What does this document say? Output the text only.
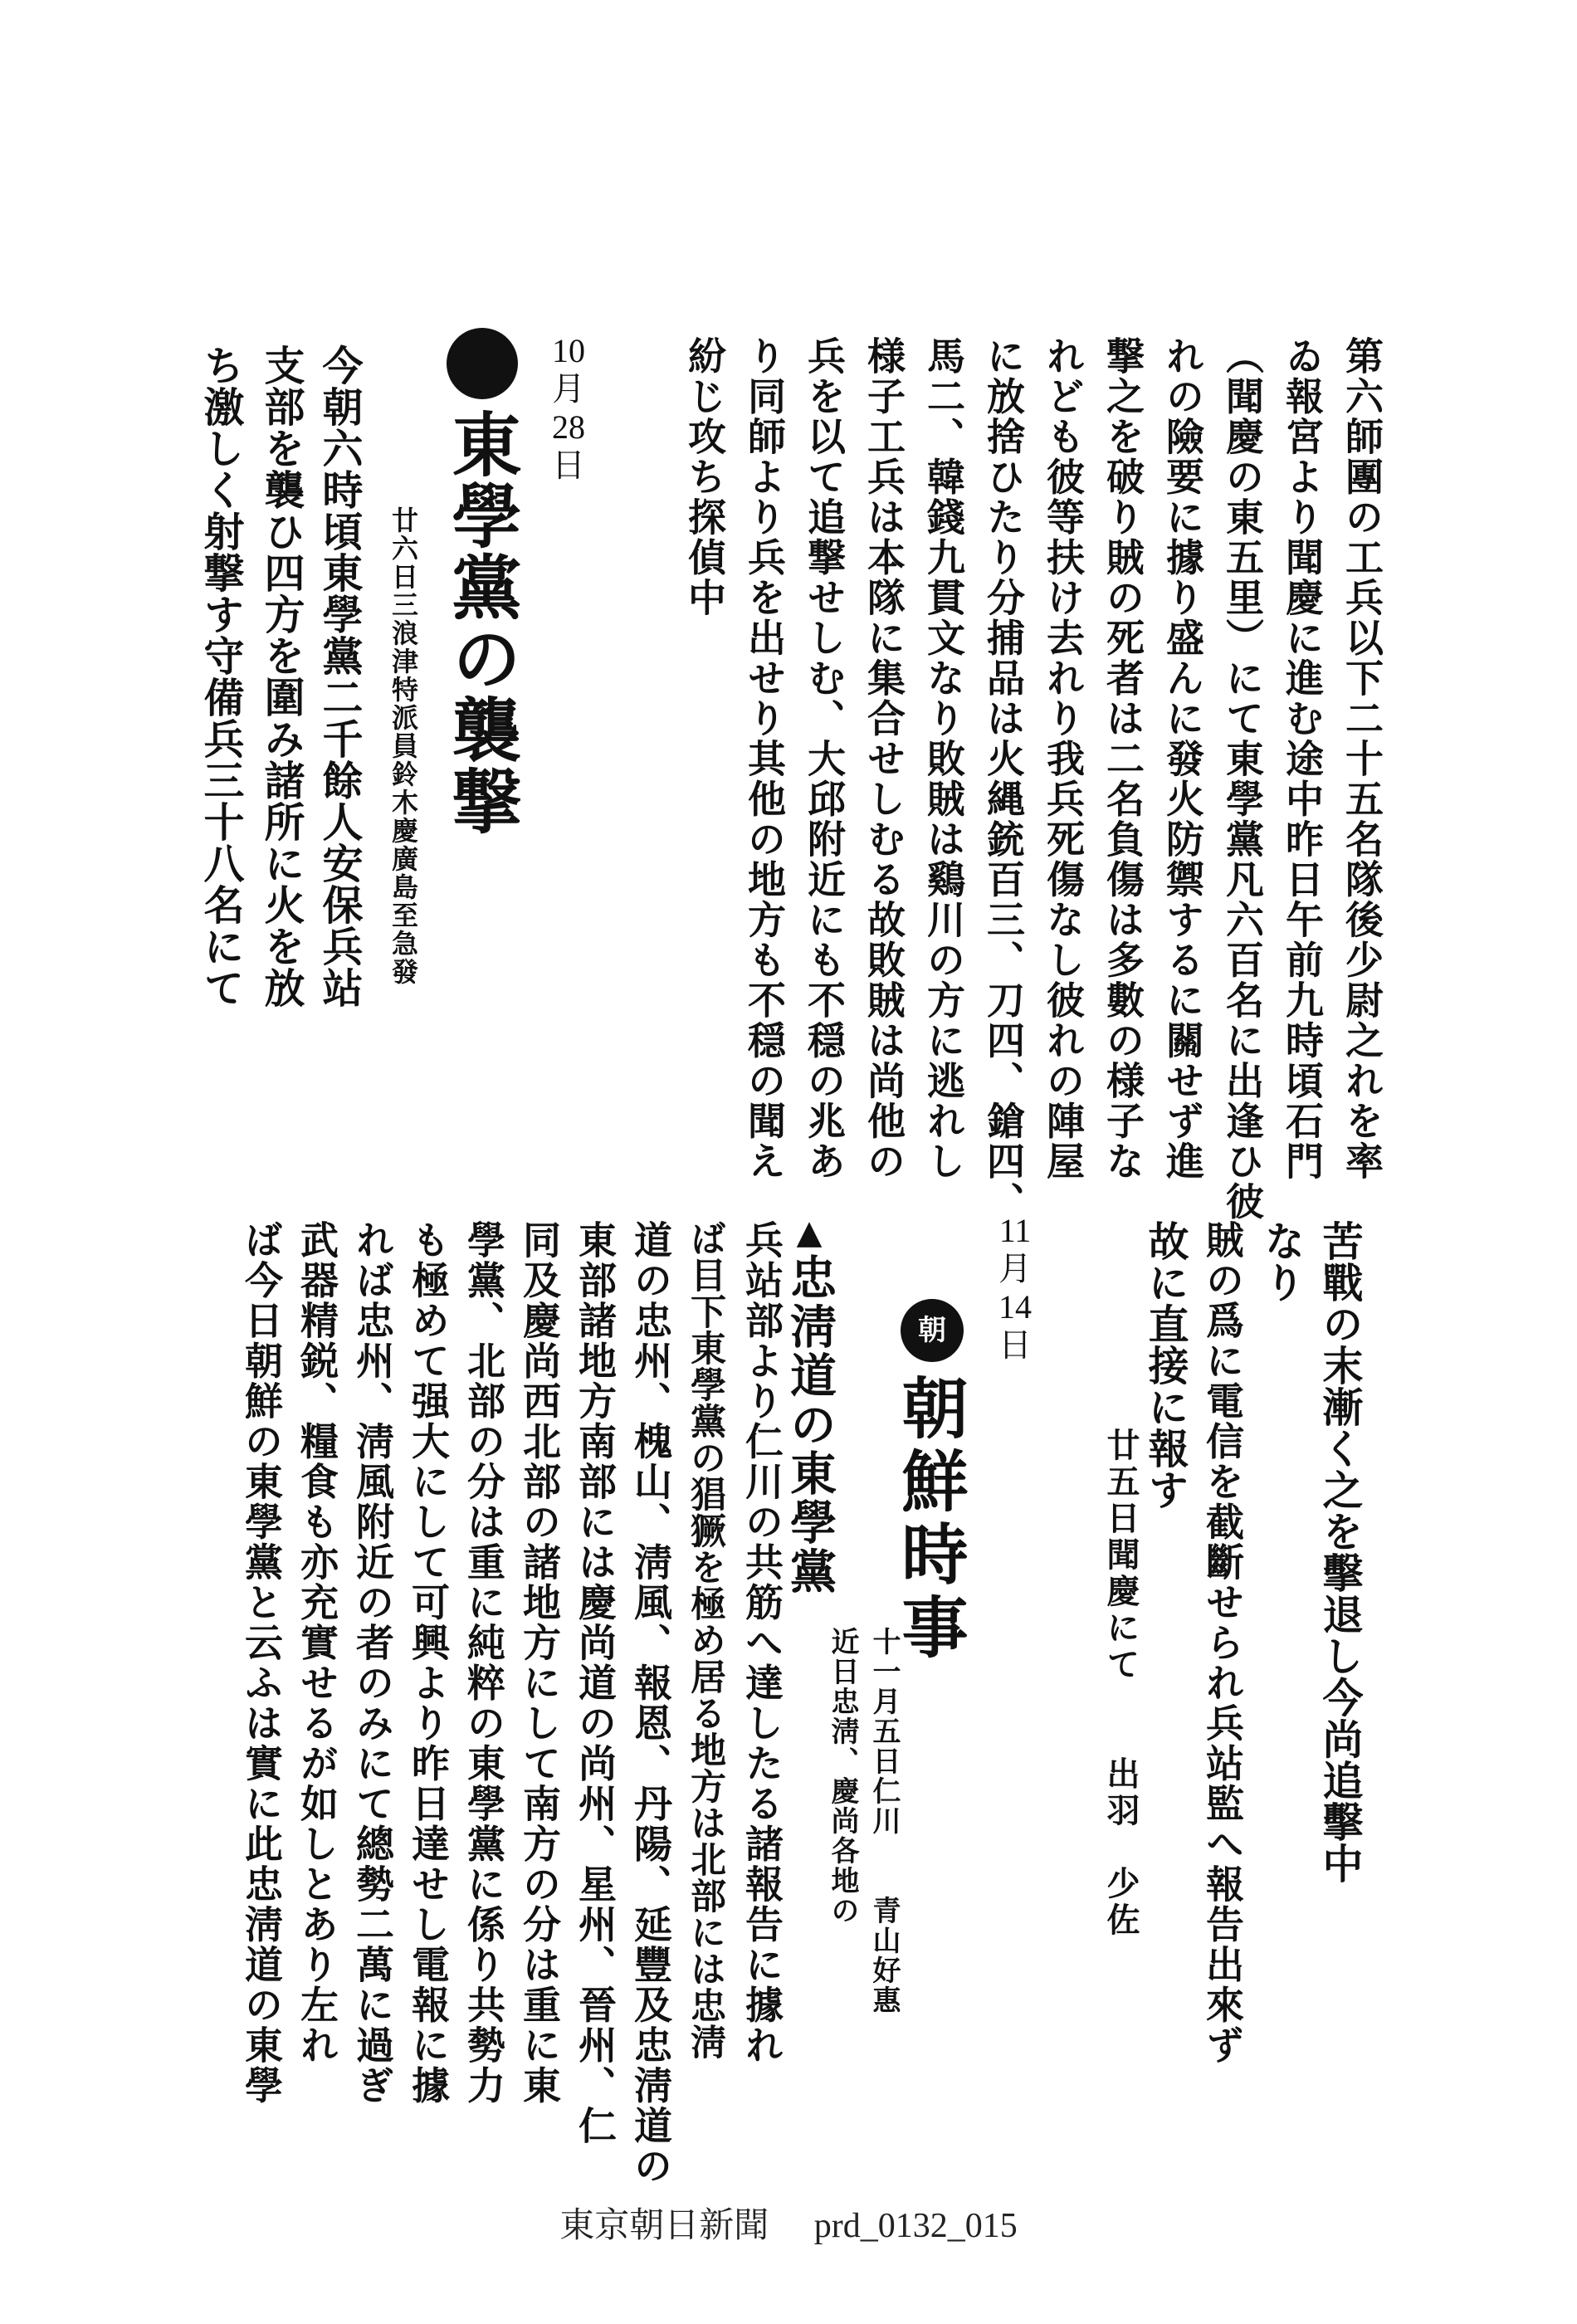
10
月
28
日
東學黨の襲撃
廿六日三浪津特派員鈴木慶廣島至急發
今朝六時頃東學黨二千餘人安保兵站
支部を襲ひ四方を圍み諸所に火を放
ち激しく射撃す守備兵三十八名にて	第六師團の工兵以下二十五名隊後少尉之れを率
ゐ報宮より聞慶に進む途中昨日午前九時頃石門
（聞慶の東五里）にて東學黨凡六百名に出逢ひ彼
れの險要に據り盛んに發火防禦するに關せず進
撃之を破り賊の死者は二名負傷は多數の様子な
れども彼等扶け去れり我兵死傷なし彼れの陣屋
に放捨ひたり分捕品は火縄銃百三、刀四、鎗四、
馬二、韓錢九貫文なり敗賊は鷄川の方に逃れし
様子工兵は本隊に集合せしむる故敗賊は尚他の
兵を以て追撃せしむ、大邱附近にも不穏の兆あ
り同師より兵を出せり其他の地方も不穏の聞え
紛じ攻ち探偵中
苦戰の末漸く之を擊退し今尚追擊中
なり
賊の爲に電信を截斷せられ兵站監へ報告出來ず
故に直接に報す
廿五日聞慶にて　　出羽　少佐
11
月
14
日
朝
朝鮮時事
十一月五日仁川　　青山好惠
近日忠淸、慶尚各地の
▲
忠淸道の東學黨
兵站部より仁川の共筋へ達したる諸報告に據れ
ば目下東學黨の猖獗を極め居る地方は北部には忠淸
道の忠州、槐山、淸風、報恩、丹陽、延豐及忠淸道の
東部諸地方南部には慶尚道の尚州、星州、晉州、仁
同及慶尚西北部の諸地方にして南方の分は重に東
學黨、北部の分は重に純粹の東學黨に係り共勢力
も極めて强大にして可興より昨日達せし電報に據
れば忠州、淸風附近の者のみにて總勢二萬に過ぎ
武器精鋭、糧食も亦充實せるが如しとあり左れ
ば今日朝鮮の東學黨と云ふは實に此忠淸道の東學
東京朝日新聞 prd_0132_015
